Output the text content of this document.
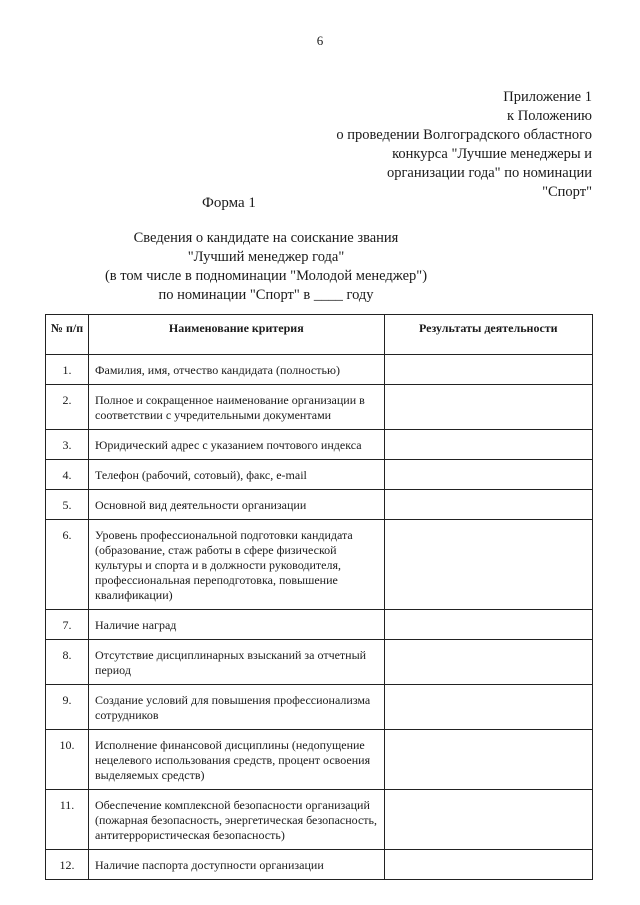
6
Приложение 1
к Положению
о проведении Волгоградского областного
конкурса "Лучшие менеджеры и
организации года" по номинации
"Спорт"
Форма 1
Сведения о кандидате на соискание звания
"Лучший менеджер года"
(в том числе в подноминации "Молодой менеджер")
по номинации "Спорт" в ____ году
№ п/п	Наименование критерия	Результаты деятельности
1.	Фамилия, имя, отчество кандидата (полностью)	
2.	Полное и сокращенное наименование организации в соответствии с учредительными документами	
3.	Юридический адрес с указанием почтового индекса	
4.	Телефон (рабочий, сотовый), факс, e-mail	
5.	Основной вид деятельности организации	
6.	Уровень профессиональной подготовки кандидата (образование, стаж работы в сфере физической культуры и спорта и в должности руководителя, профессиональная переподготовка, повышение квалификации)	
7.	Наличие наград	
8.	Отсутствие дисциплинарных взысканий за отчетный период	
9.	Создание условий для повышения профессионализма сотрудников	
10.	Исполнение финансовой дисциплины (недопущение нецелевого использования средств, процент освоения выделяемых средств)	
11.	Обеспечение комплексной безопасности организаций (пожарная безопасность, энергетическая безопасность, антитеррористическая безопасность)	
12.	Наличие паспорта доступности организации	
